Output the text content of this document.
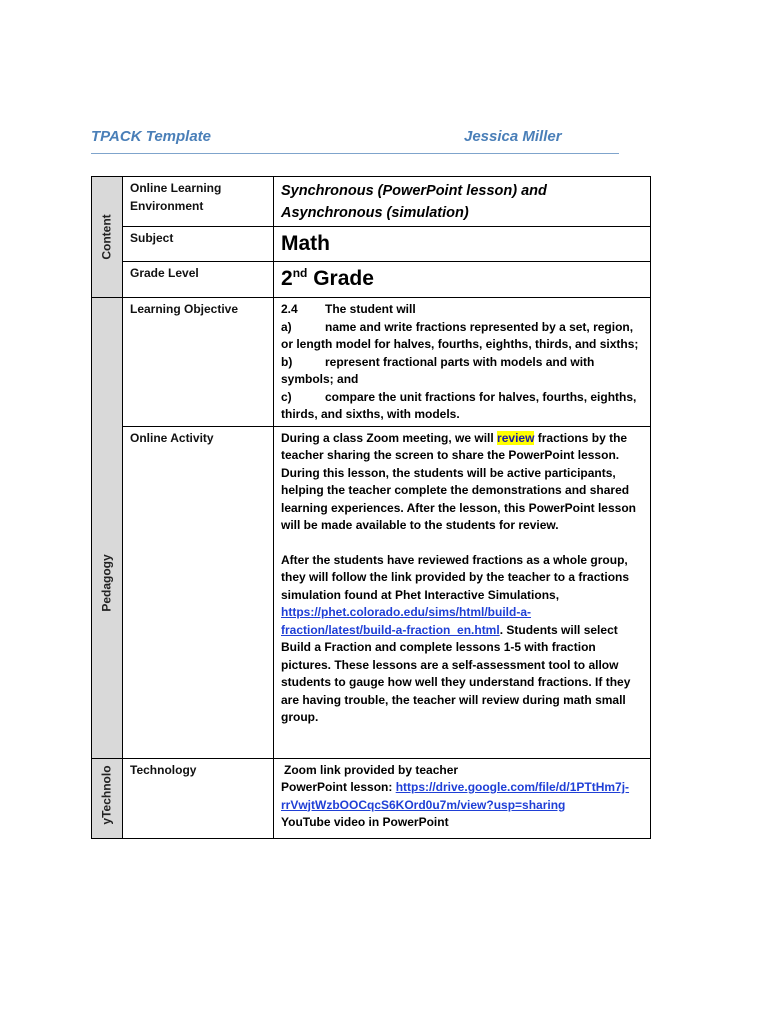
TPACK Template	Jessica Miller
Content	Online Learning Environment	Synchronous (PowerPoint lesson) and Asynchronous (simulation)
	Subject	Math
	Grade Level	2nd Grade

Pedagogy	Learning Objective	2.4 The student will
a) name and write fractions represented by a set, region, or length model for halves, fourths, eighths, thirds, and sixths;
b) represent fractional parts with models and with symbols; and
c) compare the unit fractions for halves, fourths, eighths, thirds, and sixths, with models.

	Online Activity	During a class Zoom meeting, we will review fractions by the teacher sharing the screen to share the PowerPoint lesson. During this lesson, the students will be active participants, helping the teacher complete the demonstrations and shared learning experiences. After the lesson, this PowerPoint lesson will be made available to the students for review.

After the students have reviewed fractions as a whole group, they will follow the link provided by the teacher to a fractions simulation found at Phet Interactive Simulations, https://phet.colorado.edu/sims/html/build-a-fraction/latest/build-a-fraction_en.html. Students will select Build a Fraction and complete lessons 1-5 with fraction pictures. These lessons are a self-assessment tool to allow students to gauge how well they understand fractions. If they are having trouble, the teacher will review during math small group.

yTechnolo	Technology	Zoom link provided by teacher
PowerPoint lesson: https://drive.google.com/file/d/1PTtHm7j-rrVwjtWzbOOCqcS6KOrd0u7m/view?usp=sharing
YouTube video in PowerPoint
